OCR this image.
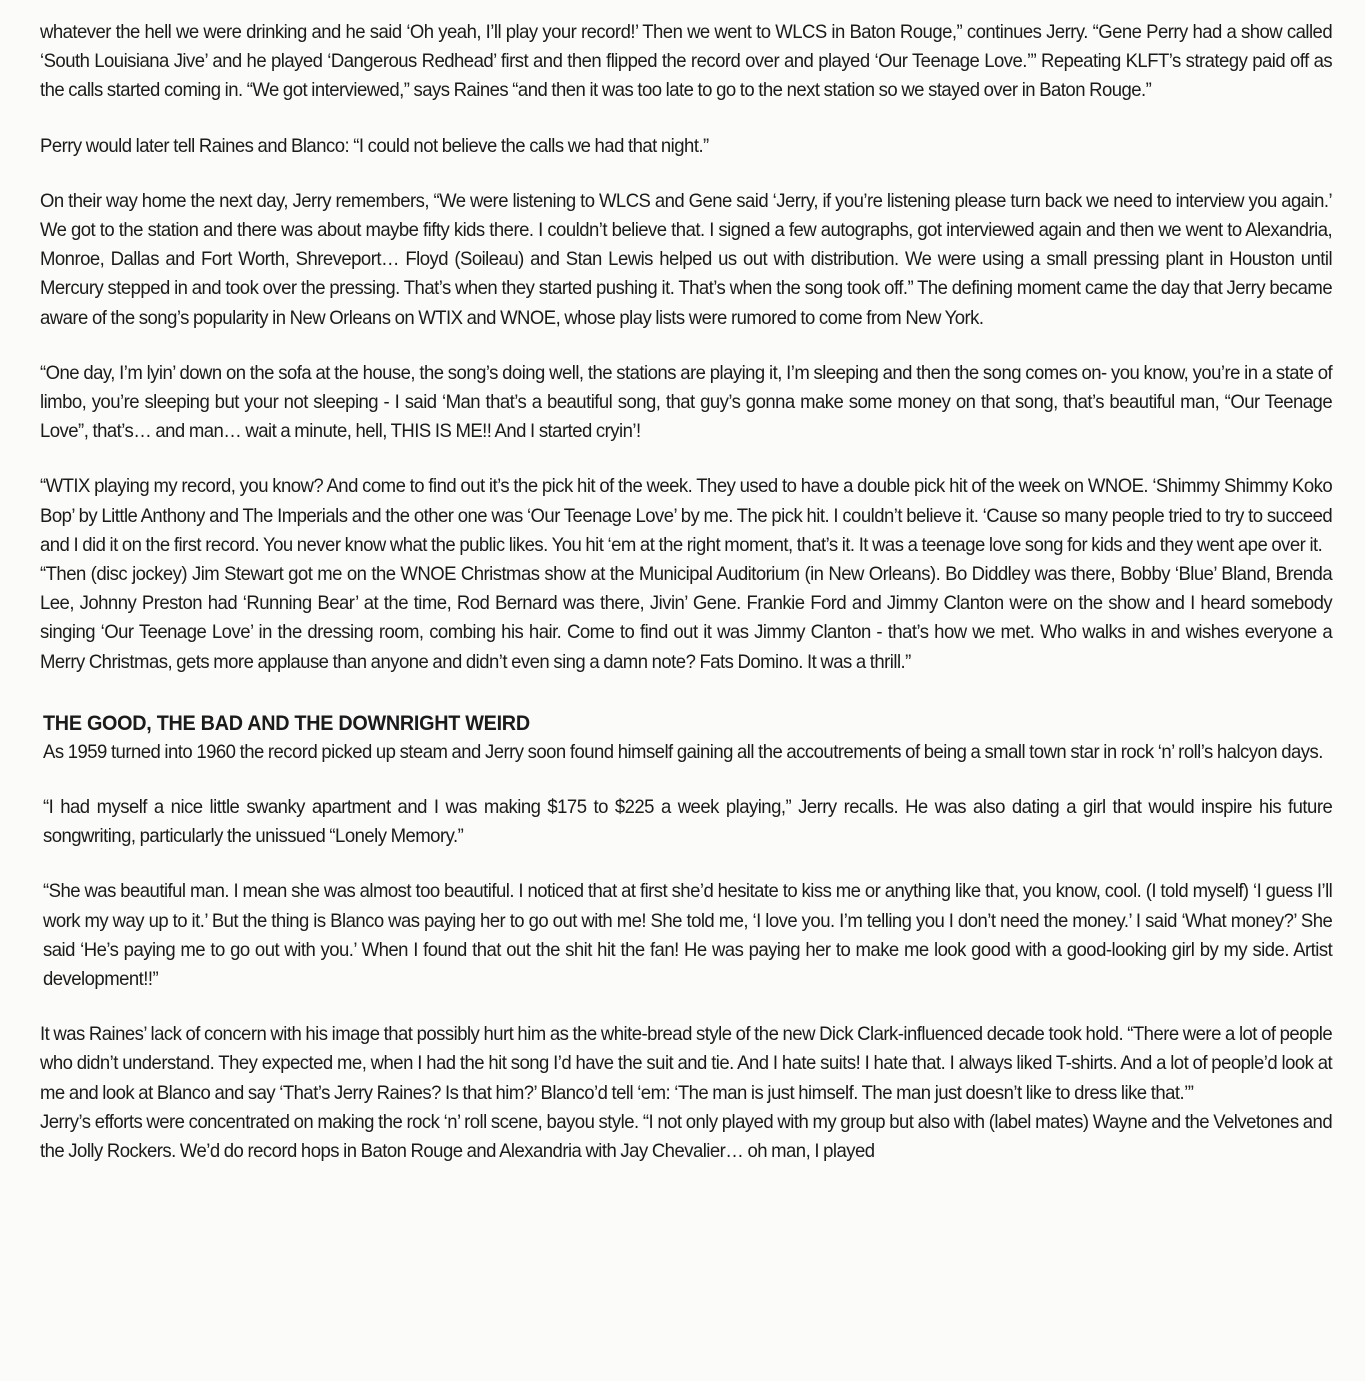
whatever the hell we were drinking and he said ‘Oh yeah, I’ll play your record!’ Then we went to WLCS in Baton Rouge,” continues Jerry. “Gene Perry had a show called ‘South Louisiana Jive’ and he played ‘Dangerous Redhead’ first and then flipped the record over and played ‘Our Teenage Love.’” Repeating KLFT’s strategy paid off as the calls started coming in. “We got interviewed,” says Raines “and then it was too late to go to the next station so we stayed over in Baton Rouge.”

Perry would later tell Raines and Blanco: “I could not believe the calls we had that night.”

On their way home the next day, Jerry remembers, “We were listening to WLCS and Gene said ‘Jerry, if you’re listening please turn back we need to interview you again.’ We got to the station and there was about maybe fifty kids there. I couldn’t believe that. I signed a few autographs, got interviewed again and then we went to Alexandria, Monroe, Dallas and Fort Worth, Shreveport… Floyd (Soileau) and Stan Lewis helped us out with distribution. We were using a small pressing plant in Houston until Mercury stepped in and took over the pressing. That’s when they started pushing it. That’s when the song took off.” The defining moment came the day that Jerry became aware of the song’s popularity in New Orleans on WTIX and WNOE, whose play lists were rumored to come from New York.

“One day, I’m lyin’ down on the sofa at the house, the song’s doing well, the stations are playing it, I’m sleeping and then the song comes on- you know, you’re in a state of limbo, you’re sleeping but your not sleeping - I said ‘Man that’s a beautiful song, that guy’s gonna make some money on that song, that’s beautiful man, “Our Teenage Love”, that’s… and man… wait a minute, hell, THIS IS ME!! And I started cryin’!

“WTIX playing my record, you know? And come to find out it’s the pick hit of the week. They used to have a double pick hit of the week on WNOE. ‘Shimmy Shimmy Koko Bop’ by Little Anthony and The Imperials and the other one was ‘Our Teenage Love’ by me. The pick hit. I couldn’t believe it. ‘Cause so many people tried to try to succeed and I did it on the first record. You never know what the public likes. You hit ‘em at the right moment, that’s it. It was a teenage love song for kids and they went ape over it.

“Then (disc jockey) Jim Stewart got me on the WNOE Christmas show at the Municipal Auditorium (in New Orleans). Bo Diddley was there, Bobby ‘Blue’ Bland, Brenda Lee, Johnny Preston had ‘Running Bear’ at the time, Rod Bernard was there, Jivin’ Gene. Frankie Ford and Jimmy Clanton were on the show and I heard somebody singing ‘Our Teenage Love’ in the dressing room, combing his hair. Come to find out it was Jimmy Clanton - that’s how we met. Who walks in and wishes everyone a Merry Christmas, gets more applause than anyone and didn’t even sing a damn note? Fats Domino. It was a thrill.”

THE GOOD, THE BAD AND THE DOWNRIGHT WEIRD

As 1959 turned into 1960 the record picked up steam and Jerry soon found himself gaining all the accoutrements of being a small town star in rock ‘n’ roll’s halcyon days.

“I had myself a nice little swanky apartment and I was making $175 to $225 a week playing,” Jerry recalls. He was also dating a girl that would inspire his future songwriting, particularly the unissued “Lonely Memory.”

“She was beautiful man. I mean she was almost too beautiful. I noticed that at first she’d hesitate to kiss me or anything like that, you know, cool. (I told myself) ‘I guess I’ll work my way up to it.’ But the thing is Blanco was paying her to go out with me! She told me, ‘I love you. I’m telling you I don’t need the money.’ I said ‘What money?’ She said ‘He’s paying me to go out with you.’ When I found that out the shit hit the fan! He was paying her to make me look good with a good-looking girl by my side. Artist development!!”

It was Raines’ lack of concern with his image that possibly hurt him as the white-bread style of the new Dick Clark-influenced decade took hold. “There were a lot of people who didn’t understand. They expected me, when I had the hit song I’d have the suit and tie. And I hate suits! I hate that. I always liked T-shirts. And a lot of people’d look at me and look at Blanco and say ‘That’s Jerry Raines? Is that him?’ Blanco’d tell ‘em: ‘The man is just himself. The man just doesn’t like to dress like that.’”

Jerry’s efforts were concentrated on making the rock ‘n’ roll scene, bayou style. “I not only played with my group but also with (label mates) Wayne and the Velvetones and the Jolly Rockers. We’d do record hops in Baton Rouge and Alexandria with Jay Chevalier… oh man, I played
